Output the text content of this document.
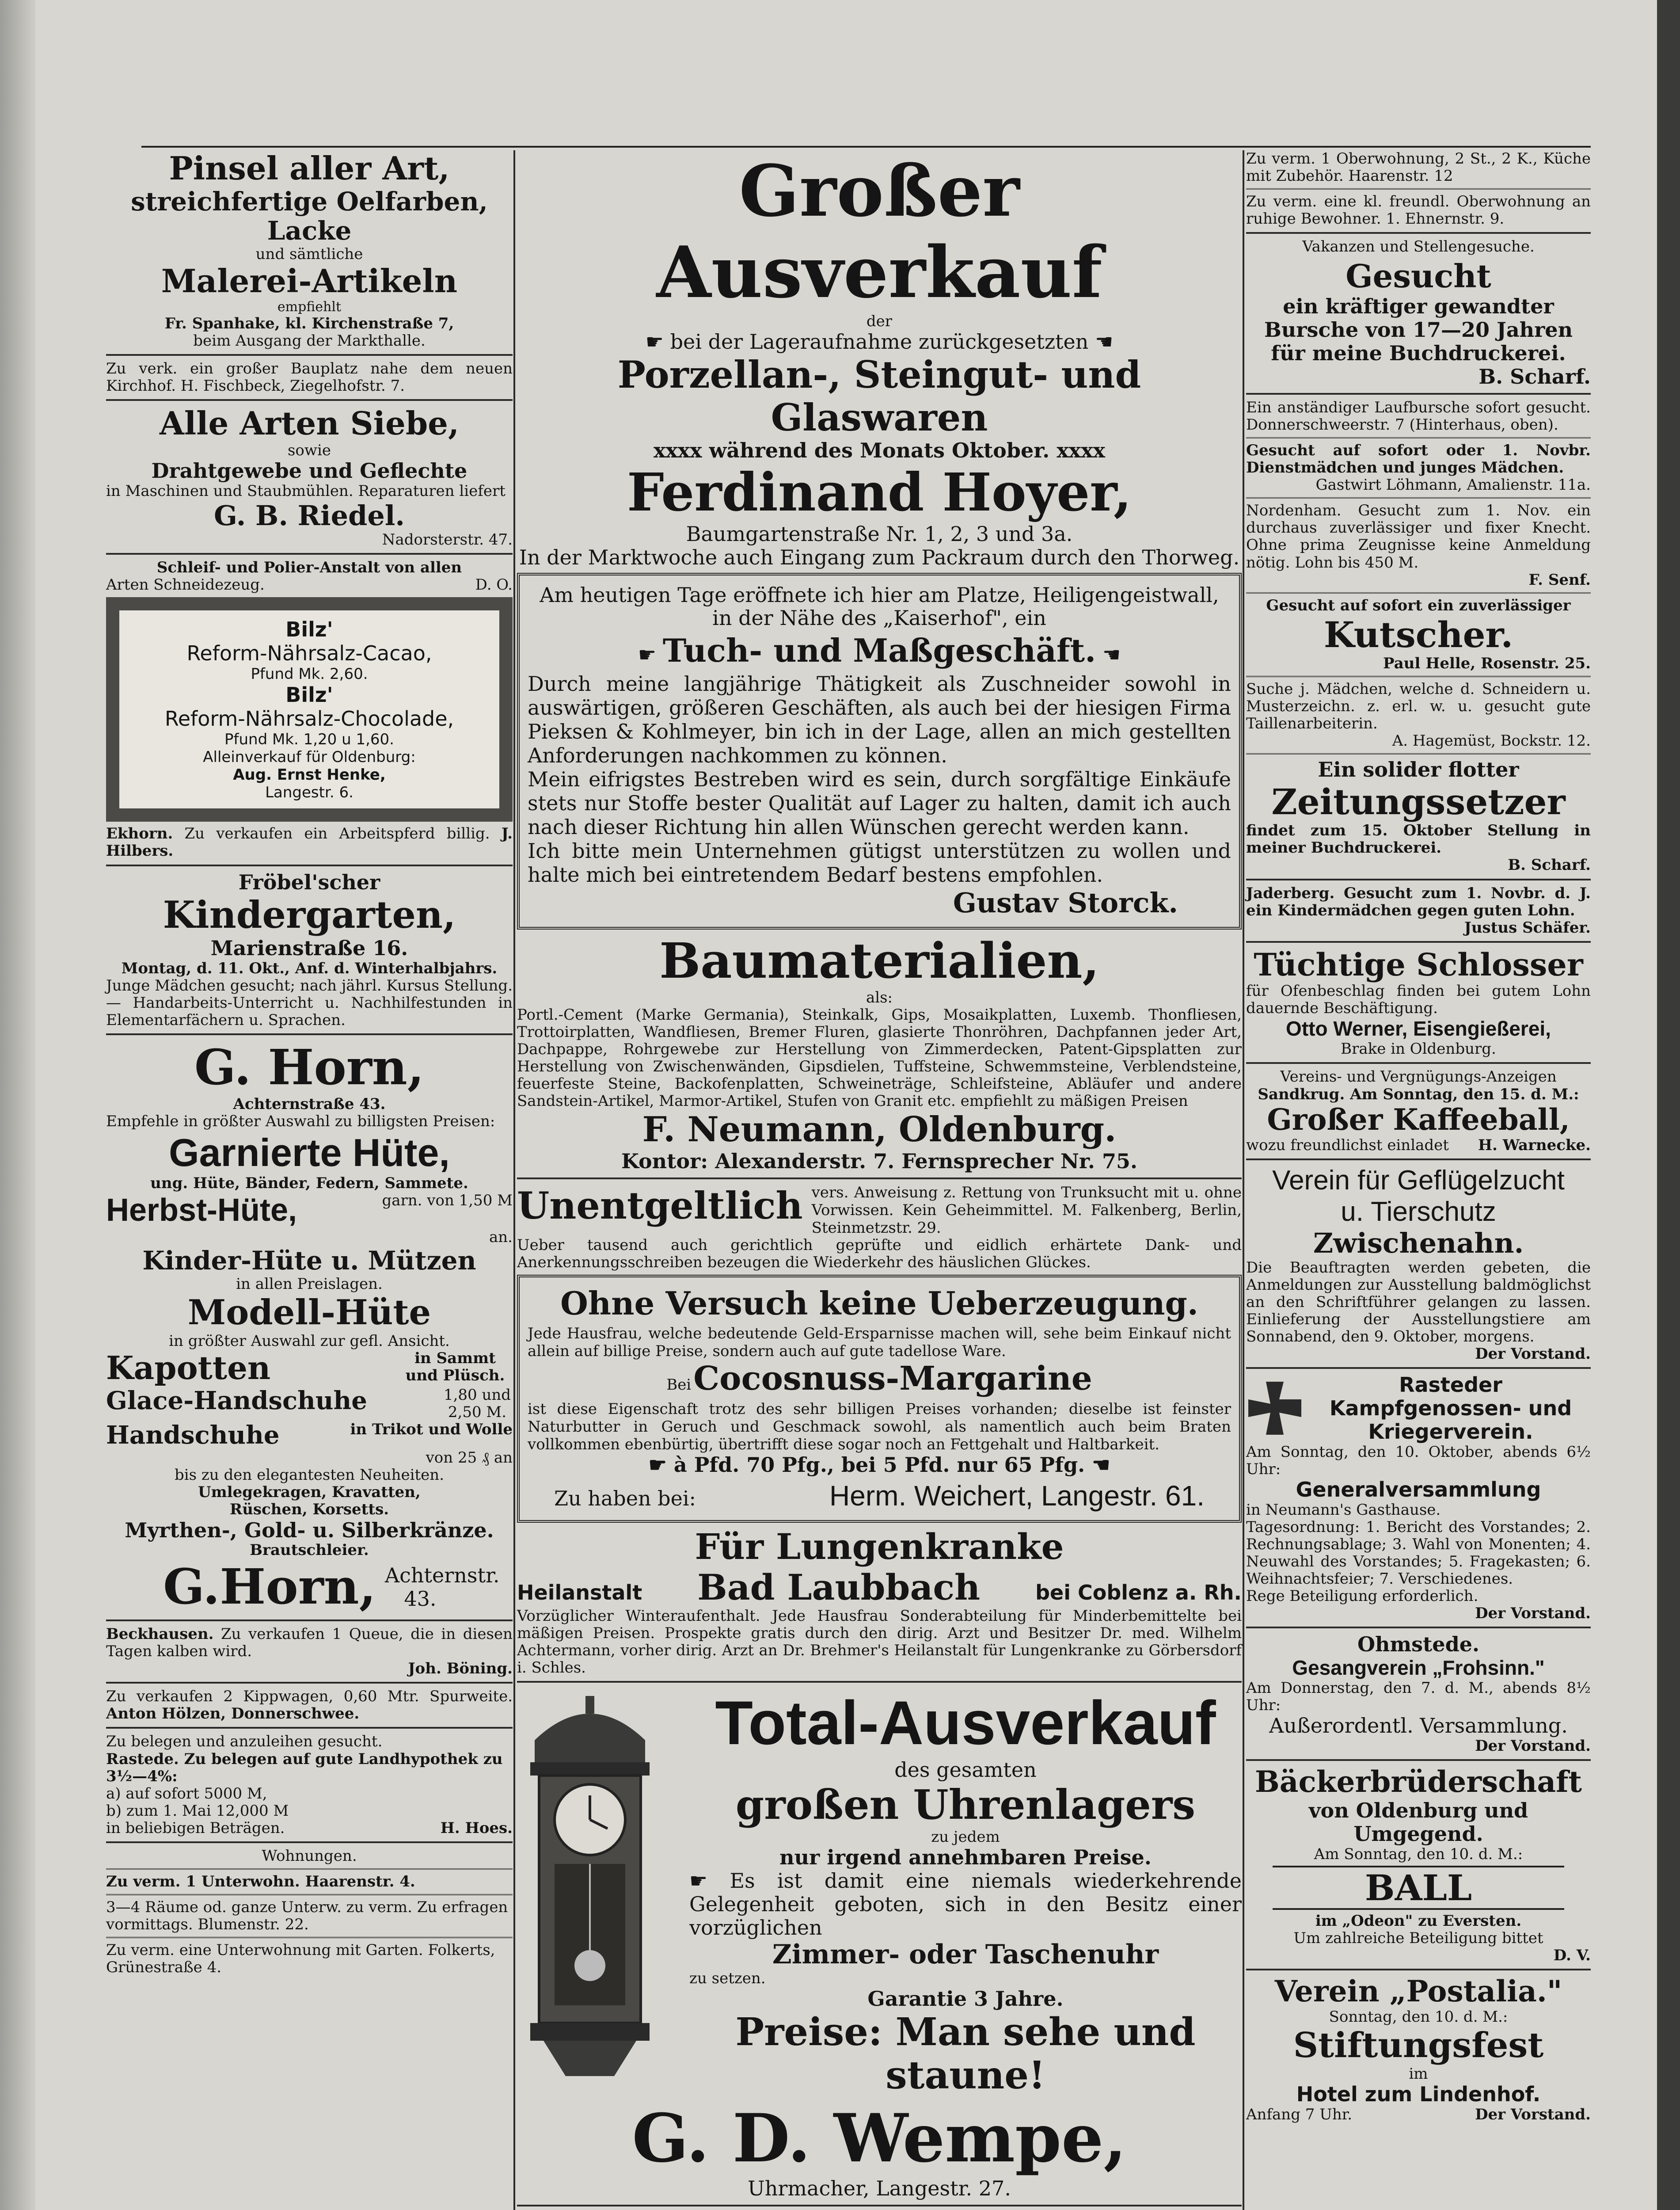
Pinsel aller Art,
streichfertige Oelfarben, Lacke
und sämtliche
Malerei-Artikeln
empfiehlt
Fr. Spanhake, kl. Kirchenstraße 7,
beim Ausgang der Markthalle.
Zu verk. ein großer Bauplatz nahe dem neuen Kirchhof. H. Fischbeck, Ziegelhofstr. 7.
Alle Arten Siebe,
sowie
Drahtgewebe und Geflechte
in Maschinen und Staubmühlen. Reparaturen liefert
G. B. Riedel.
Nadorsterstr. 47.
Schleif- und Polier-Anstalt von allen
Arten Schneidezeug.	D. O.
Bilz'
Reform-Nährsalz-Cacao,
Pfund Mk. 2,60.
Bilz'
Reform-Nährsalz-Chocolade,
Pfund Mk. 1,20 u 1,60.
Alleinverkauf für Oldenburg:
Aug. Ernst Henke,
Langestr. 6.
Ekhorn. Zu verkaufen ein Arbeitspferd billig. J. Hilbers.
Fröbel'scher
Kindergarten,
Marienstraße 16.
Montag, d. 11. Okt., Anf. d. Winterhalbjahrs.
Junge Mädchen gesucht; nach jährl. Kursus Stellung. — Handarbeits-Unterricht u. Nachhilfestunden in Elementarfächern u. Sprachen.
G. Horn,
Achternstraße 43.
Empfehle in größter Auswahl zu billigsten Preisen:
Garnierte Hüte,
ung. Hüte, Bänder, Federn, Sammete.
Herbst-Hüte,	garn. von 1,50 M
an.
Kinder-Hüte u. Mützen
in allen Preislagen.
Modell-Hüte
in größter Auswahl zur gefl. Ansicht.
Kapotten	in Sammt und Plüsch.
Glace-Handschuhe	1,80 und 2,50 M.
Handschuhe	in Trikot und Wolle
von 25 ₰ an
bis zu den elegantesten Neuheiten.
Umlegekragen, Kravatten,
Rüschen, Korsetts.
Myrthen-, Gold- u. Silberkränze.
Brautschleier.
G.Horn, Achternstr. 43.
Beckhausen. Zu verkaufen 1 Queue, die in diesen Tagen kalben wird.
Joh. Böning.
Zu verkaufen 2 Kippwagen, 0,60 Mtr. Spurweite. Anton Hölzen, Donnerschwee.
Zu belegen und anzuleihen gesucht.
Rastede. Zu belegen auf gute Landhypothek zu 3½—4%:
a) auf sofort 5000 M,
b) zum 1. Mai 12,000 M
in beliebigen Beträgen.	H. Hoes.
Wohnungen.
Zu verm. 1 Unterwohn. Haarenstr. 4.
3—4 Räume od. ganze Unterw. zu verm. Zu erfragen vormittags. Blumenstr. 22.
Zu verm. eine Unterwohnung mit Garten. Folkerts, Grünestraße 4.
Großer Ausverkauf
der
☛ bei der Lageraufnahme zurückgesetzten ☚
Porzellan-, Steingut- und Glaswaren
xxxx während des Monats Oktober. xxxx
Ferdinand Hoyer,
Baumgartenstraße Nr. 1, 2, 3 und 3a.
In der Marktwoche auch Eingang zum Packraum durch den Thorweg.
Am heutigen Tage eröffnete ich hier am Platze, Heiligengeistwall, in der Nähe des „Kaiserhof", ein
☛ Tuch- und Maßgeschäft. ☚
Durch meine langjährige Thätigkeit als Zuschneider sowohl in auswärtigen, größeren Geschäften, als auch bei der hiesigen Firma Pieksen & Kohlmeyer, bin ich in der Lage, allen an mich gestellten Anforderungen nachkommen zu können.
Mein eifrigstes Bestreben wird es sein, durch sorgfältige Einkäufe stets nur Stoffe bester Qualität auf Lager zu halten, damit ich auch nach dieser Richtung hin allen Wünschen gerecht werden kann.
Ich bitte mein Unternehmen gütigst unterstützen zu wollen und halte mich bei eintretendem Bedarf bestens empfohlen.
Gustav Storck.
Baumaterialien,
als:
Portl.-Cement (Marke Germania), Steinkalk, Gips, Mosaikplatten, Luxemb. Thonfliesen, Trottoirplatten, Wandfliesen, Bremer Fluren, glasierte Thonröhren, Dachpfannen jeder Art, Dachpappe, Rohrgewebe zur Herstellung von Zimmerdecken, Patent-Gipsplatten zur Herstellung von Zwischenwänden, Gipsdielen, Tuffsteine, Schwemmsteine, Verblendsteine, feuerfeste Steine, Backofenplatten, Schweineträge, Schleifsteine, Abläufer und andere Sandstein-Artikel, Marmor-Artikel, Stufen von Granit etc. empfiehlt zu mäßigen Preisen
F. Neumann, Oldenburg.
Kontor: Alexanderstr. 7. Fernsprecher Nr. 75.
Unentgeltlich vers. Anweisung z. Rettung von Trunksucht mit u. ohne Vorwissen. Kein Geheimmittel. M. Falkenberg, Berlin, Steinmetzstr. 29.
Ueber tausend auch gerichtlich geprüfte und eidlich erhärtete Dank- und Anerkennungsschreiben bezeugen die Wiederkehr des häuslichen Glückes.
Ohne Versuch keine Ueberzeugung.
Jede Hausfrau, welche bedeutende Geld-Ersparnisse machen will, sehe beim Einkauf nicht allein auf billige Preise, sondern auch auf gute tadellose Ware.
Bei Cocosnuss-Margarine
ist diese Eigenschaft trotz des sehr billigen Preises vorhanden; dieselbe ist feinster Naturbutter in Geruch und Geschmack sowohl, als namentlich auch beim Braten vollkommen ebenbürtig, übertrifft diese sogar noch an Fettgehalt und Haltbarkeit.
☛ à Pfd. 70 Pfg., bei 5 Pfd. nur 65 Pfg. ☚
Zu haben bei:	Herm. Weichert, Langestr. 61.
Für Lungenkranke
Heilanstalt Bad Laubbach	bei Coblenz a. Rh.
Vorzüglicher Winteraufenthalt. Jede Hausfrau Sonderabteilung für Minderbemittelte bei mäßigen Preisen. Prospekte gratis durch den dirig. Arzt und Besitzer Dr. med. Wilhelm Achtermann, vorher dirig. Arzt an Dr. Brehmer's Heilanstalt für Lungenkranke zu Görbersdorf i. Schles.
Total-Ausverkauf
des gesamten
großen Uhrenlagers
zu jedem
nur irgend annehmbaren Preise.
☛ Es ist damit eine niemals wiederkehrende Gelegenheit geboten, sich in den Besitz einer vorzüglichen
Zimmer- oder Taschenuhr
zu setzen.
Garantie 3 Jahre.
Preise: Man sehe und staune!
G. D. Wempe,
Uhrmacher, Langestr. 27.
Zu verm. 1 Oberwohnung, 2 St., 2 K., Küche mit Zubehör. Haarenstr. 12
Zu verm. eine kl. freundl. Oberwohnung an ruhige Bewohner. 1. Ehnernstr. 9.
Vakanzen und Stellengesuche.
Gesucht
ein kräftiger gewandter Bursche von 17—20 Jahren für meine Buchdruckerei.
B. Scharf.
Ein anständiger Laufbursche sofort gesucht. Donnerschweerstr. 7 (Hinterhaus, oben).
Gesucht auf sofort oder 1. Novbr. Dienstmädchen und junges Mädchen.
Gastwirt Löhmann, Amalienstr. 11a.
Nordenham. Gesucht zum 1. Nov. ein durchaus zuverlässiger und fixer Knecht. Ohne prima Zeugnisse keine Anmeldung nötig. Lohn bis 450 M.
F. Senf.
Gesucht auf sofort ein zuverlässiger
Kutscher.
Paul Helle, Rosenstr. 25.
Suche j. Mädchen, welche d. Schneidern u. Musterzeichn. z. erl. w. u. gesucht gute Taillenarbeiterin.
A. Hagemüst, Bockstr. 12.
Ein solider flotter
Zeitungssetzer
findet zum 15. Oktober Stellung in meiner Buchdruckerei.
B. Scharf.
Jaderberg. Gesucht zum 1. Novbr. d. J. ein Kindermädchen gegen guten Lohn.
Justus Schäfer.
Tüchtige Schlosser
für Ofenbeschlag finden bei gutem Lohn dauernde Beschäftigung.
Otto Werner, Eisengießerei,
Brake in Oldenburg.
Vereins- und Vergnügungs-Anzeigen
Sandkrug. Am Sonntag, den 15. d. M.:
Großer Kaffeeball,
wozu freundlichst einladet H. Warnecke.
Verein für Geflügelzucht
u. Tierschutz
Zwischenahn.
Die Beauftragten werden gebeten, die Anmeldungen zur Ausstellung baldmöglichst an den Schriftführer gelangen zu lassen. Einlieferung der Ausstellungstiere am Sonnabend, den 9. Oktober, morgens.
Der Vorstand.
Rasteder
Kampfgenossen- und
Kriegerverein.
Am Sonntag, den 10. Oktober, abends 6½ Uhr:
Generalversammlung
in Neumann's Gasthause.
Tagesordnung: 1. Bericht des Vorstandes; 2. Rechnungsablage; 3. Wahl von Monenten; 4. Neuwahl des Vorstandes; 5. Fragekasten; 6. Weihnachtsfeier; 7. Verschiedenes.
Rege Beteiligung erforderlich.
Der Vorstand.
Ohmstede.
Gesangverein „Frohsinn."
Am Donnerstag, den 7. d. M., abends 8½ Uhr:
Außerordentl. Versammlung.
Der Vorstand.
Bäckerbrüderschaft
von Oldenburg und Umgegend.
Am Sonntag, den 10. d. M.:
BALL
im „Odeon" zu Eversten.
Um zahlreiche Beteiligung bittet
D. V.
Verein „Postalia."
Sonntag, den 10. d. M.:
Stiftungsfest
im
Hotel zum Lindenhof.
Anfang 7 Uhr.	Der Vorstand.
